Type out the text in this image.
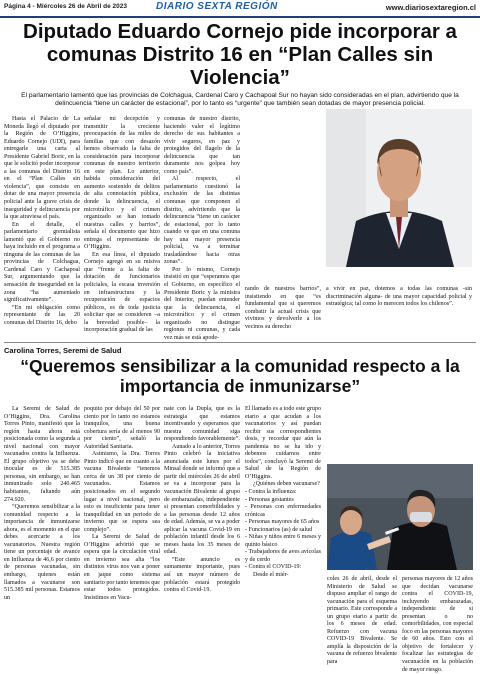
Página 4 - Miércoles 26 de Abril de 2023	DIARIO SEXTA REGIÓN	www.diariosextaregion.cl
Diputado Eduardo Cornejo pide incorporar a comunas Distrito 16 en “Plan Calles sin Violencia”
El parlamentario lamentó que las provincias de Colchagua, Cardenal Caro y Cachapoal Sur no hayan sido consideradas en el plan, advirtiendo que la delincuencia “tiene un carácter de estacional”, por lo tanto es “urgente” que también sean dotadas de mayor presencia policial.

Hasta el Palacio de La Moneda llegó el diputado por la Región de O’Higgins, Eduardo Cornejo (UDI), para entregarle una carta al Presidente Gabriel Boric, en la que le solicitó poder incorporar a las comunas del Distrito 16 en el “Plan Calles sin violencia”, que consiste en dotar de una mayor presencia policial ante la grave crisis de inseguridad y delincuencia por la que atraviesa el país.

En el detalle, el parlamentario gremialista lamentó que el Gobierno no haya incluido en el programa a ninguna de las comunas de las provincias de Colchagua, Cardenal Caro y Cachapoal Sur, argumentando que la sensación de inseguridad en la zona “ha aumentado significativamente”.

“En mi obligación como representante de las 20 comunas del Distrito 16, debo

señalar mi decepción y transmitir la creciente preocupación de las miles de familias que con desazón hemos observado la falta de consideración para incorporar comunas de nuestro territorio en este plan. Lo anterior, habida consideración del aumento sostenido de delitos de alta connotación pública, donde la delincuencia, el microtráfico y el crimen organizado se han tomado nuestras calles y barrios”, señala el documento que hizo entrega el representante de O’Higgins.

En esa línea, el diputado Cornejo agregó en su misiva que “frente a la falta de dotación de funcionarios policiales, la escasa inversión en infraestructura y la recuperación de espacios públicos, es de toda justicia solicitar que se consideren –a la brevedad posible– la incorporación gradual de las

comunas de nuestro distrito, haciendo valer el legítimo derecho de sus habitantes a vivir seguros, en paz y protegidos del flagelo de la delincuencia que tan duramente nos golpea hoy como país”.

Al respecto, el parlamentario cuestionó la exclusión de las distintas comunas que componen el distrito, advirtiendo que la delincuencia “tiene un carácter de estacional, por lo tanto cuando ve que en una comuna hay una mayor presencia policial, va a terminar trasladándose hacia otras zonas”.

Por lo mismo, Cornejo insistió en que “esperamos que el Gobierno, en específico el Presidente Boric y la ministra del Interior, puedan entender que la delincuencia, el microtráfico y el crimen organizado no distingue regiones ni comunas, y cada vez más se está apode-

rando de nuestros barrios”, insistiendo en que “es fundamental que si queremos combatir la actual crisis que vivimos y devolverle a los vecinos su derecho

a vivir en paz, dotemos a todas las comunas -sin discriminación alguna- de una mayor capacidad policial y estratégica; tal como lo merecen todos los chilenos”.

Carolina Torres, Seremi de Salud
“Queremos sensibilizar a la comunidad respecto a la importancia de inmunizarse”

La Seremi de Salud de O’Higgins, Dra. Carolina Torres Pinto, manifestó que la región hasta ahora está posicionada como la segunda a nivel nacional con mayor vacunados contra la Influenza. El grupo objetivo ya se debe inocular es de 515.385 personas, sin embargo, se han inmunizado solo 240.465 habitantes, faltando aún 274.920.

“Queremos sensibilizar a la comunidad respecto a la importancia de inmunizarse ahora, es el momento en el que debes acercarte a los vacunatorios. Nuestra región tiene un porcentaje de avance en Influenza de 46,6 por ciento de personas vacunadas, sin embargo, quienes están llamados a vacunarse son 515.385 mil personas. Estamos un

poquito por debajo del 50 por ciento por lo tanto no estamos tranquilos, una buena cobertura sería de al menos 90 por ciento”, señaló la Autoridad Sanitaria.

Asimismo, la Dra. Torres Pinto indicó que en cuanto a la vacuna Bivalente “tenemos cerca de un 38 por ciento de vacunados. Estamos posicionados en el segundo lugar a nivel nacional, pero esto es insuficiente para tener tranquilidad en un periodo de invierno que se espera sea complejo”.

La Seremi de Salud de O’Higgins advirtió que se espera que la circulación viral en invierno sea alta “los distintos virus nos van a poner en jaque como sistema sanitario por tanto tenemos que estar todos protegidos. Insistimos en Vacu-

nate con la Dupla, que es la estrategia que estamos incentivando y esperamos que nuestra comunidad siga respondiendo favorablemente”.

Aunado a lo anterior, Torres Pinto celebró la iniciativa anunciada este lunes por el Minsal donde se informó que a partir del miércoles 26 de abril se va a incorporar para la vacunación Bivalente al grupo de embarazadas, independiente si presentan comorbilidades y a las personas desde 12 años de edad. Además, se va a poder aplicar la vacuna Covid-19 en población infantil desde los 6 meses hasta los 35 meses de edad.

“Este anuncio es sumamente importante, pues así un mayor número de población estará protegido contra el Covid-19.

El llamado es a todo este grupo etario a que acudan a los vacunatorios y así puedan recibir sus correspondientes dosis, y recordar que aún la pandemia no se ha ido y debemos cuidarnos entre todos”, concluyó la Seremi de Salud de la Región de O’Higgins.

¿Quiénes deben vacunarse?

- Contra la influenza:

- Personas gestantes

- Personas con enfermedades crónicas

- Personas mayores de 65 años

- Funcionarios (as) de salud

- Niñas y niños entre 6 meses y quinto básico

- Trabajadores de aves avícolas y de cerdo

- Contra el COVID-19:

Desde el miér-

coles 26 de abril, desde el Ministerio de Salud se dispuso ampliar el rango de vacunación para el esquema primario. Este corresponde a un grupo etario a partir de los 6 meses de edad. Refuerzo con vacuna COVID-19 Bivalente. Se amplía la disposición de la vacuna de refuerzo bivalente para

personas mayores de 12 años que decidan vacunarse contra el COVID-19, incluyendo embarazadas, independiente de si presentan o no comorbilidades, con especial foco en las personas mayores de 60 años. Esto con el objetivo de fortalecer y focalizar las estrategias de vacunación en la población de mayor riesgo.
